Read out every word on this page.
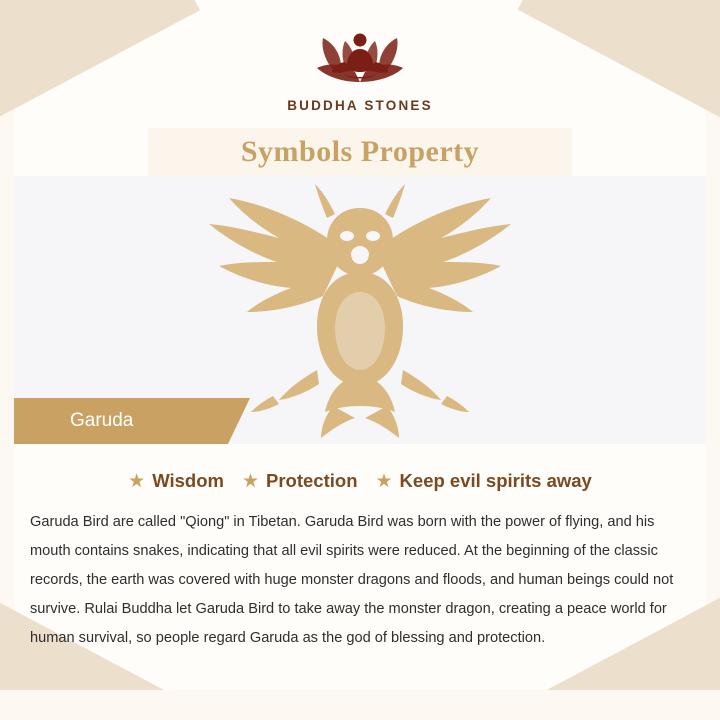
BUDDHA STONES
Symbols Property
Garuda
★ Wisdom ★ Protection ★ Keep evil spirits away
Garuda Bird are called "Qiong" in Tibetan. Garuda Bird was born with the power of flying, and his mouth contains snakes, indicating that all evil spirits were reduced. At the beginning of the classic records, the earth was covered with huge monster dragons and floods, and human beings could not survive. Rulai Buddha let Garuda Bird to take away the monster dragon, creating a peace world for human survival, so people regard Garuda as the god of blessing and protection.
